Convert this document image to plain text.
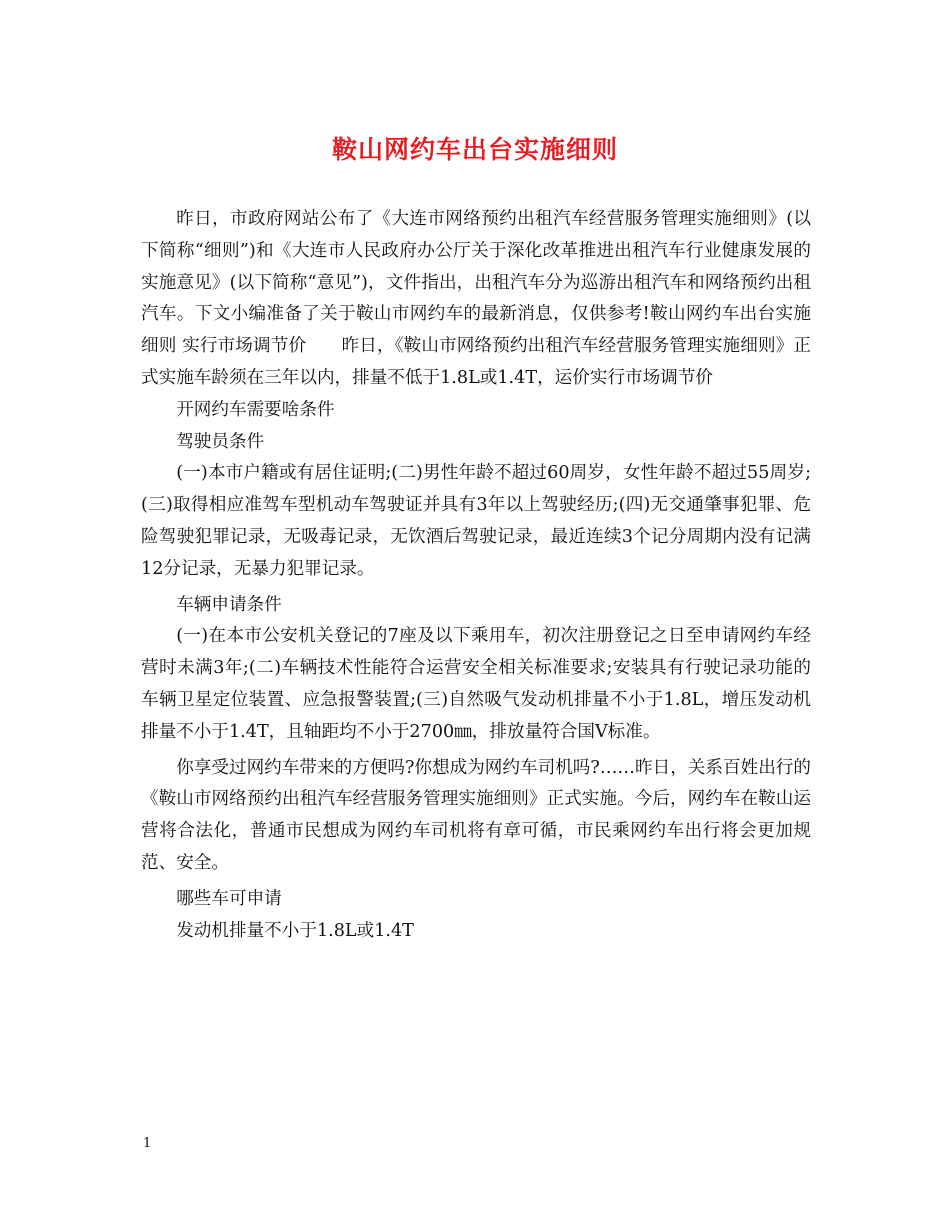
鞍山网约车出台实施细则

昨日，市政府网站公布了《大连市网络预约出租汽车经营服务管理实施细则》(以下简称“细则”)和《大连市人民政府办公厅关于深化改革推进出租汽车行业健康发展的实施意见》(以下简称“意见”)，文件指出，出租汽车分为巡游出租汽车和网络预约出租汽车。下文小编准备了关于鞍山市网约车的最新消息，仅供参考!鞍山网约车出台实施细则 实行市场调节价　　昨日，《鞍山市网络预约出租汽车经营服务管理实施细则》正式实施车龄须在三年以内，排量不低于1.8L或1.4T，运价实行市场调节价

开网约车需要啥条件

驾驶员条件

(一)本市户籍或有居住证明;(二)男性年龄不超过60周岁，女性年龄不超过55周岁;(三)取得相应准驾车型机动车驾驶证并具有3年以上驾驶经历;(四)无交通肇事犯罪、危险驾驶犯罪记录，无吸毒记录，无饮酒后驾驶记录，最近连续3个记分周期内没有记满12分记录，无暴力犯罪记录。

车辆申请条件

(一)在本市公安机关登记的7座及以下乘用车，初次注册登记之日至申请网约车经营时未满3年;(二)车辆技术性能符合运营安全相关标准要求;安装具有行驶记录功能的车辆卫星定位装置、应急报警装置;(三)自然吸气发动机排量不小于1.8L，增压发动机排量不小于1.4T，且轴距均不小于2700㎜，排放量符合国Ⅴ标准。

你享受过网约车带来的方便吗?你想成为网约车司机吗?……昨日，关系百姓出行的《鞍山市网络预约出租汽车经营服务管理实施细则》正式实施。今后，网约车在鞍山运营将合法化，普通市民想成为网约车司机将有章可循，市民乘网约车出行将会更加规范、安全。

哪些车可申请

发动机排量不小于1.8L或1.4T

1
